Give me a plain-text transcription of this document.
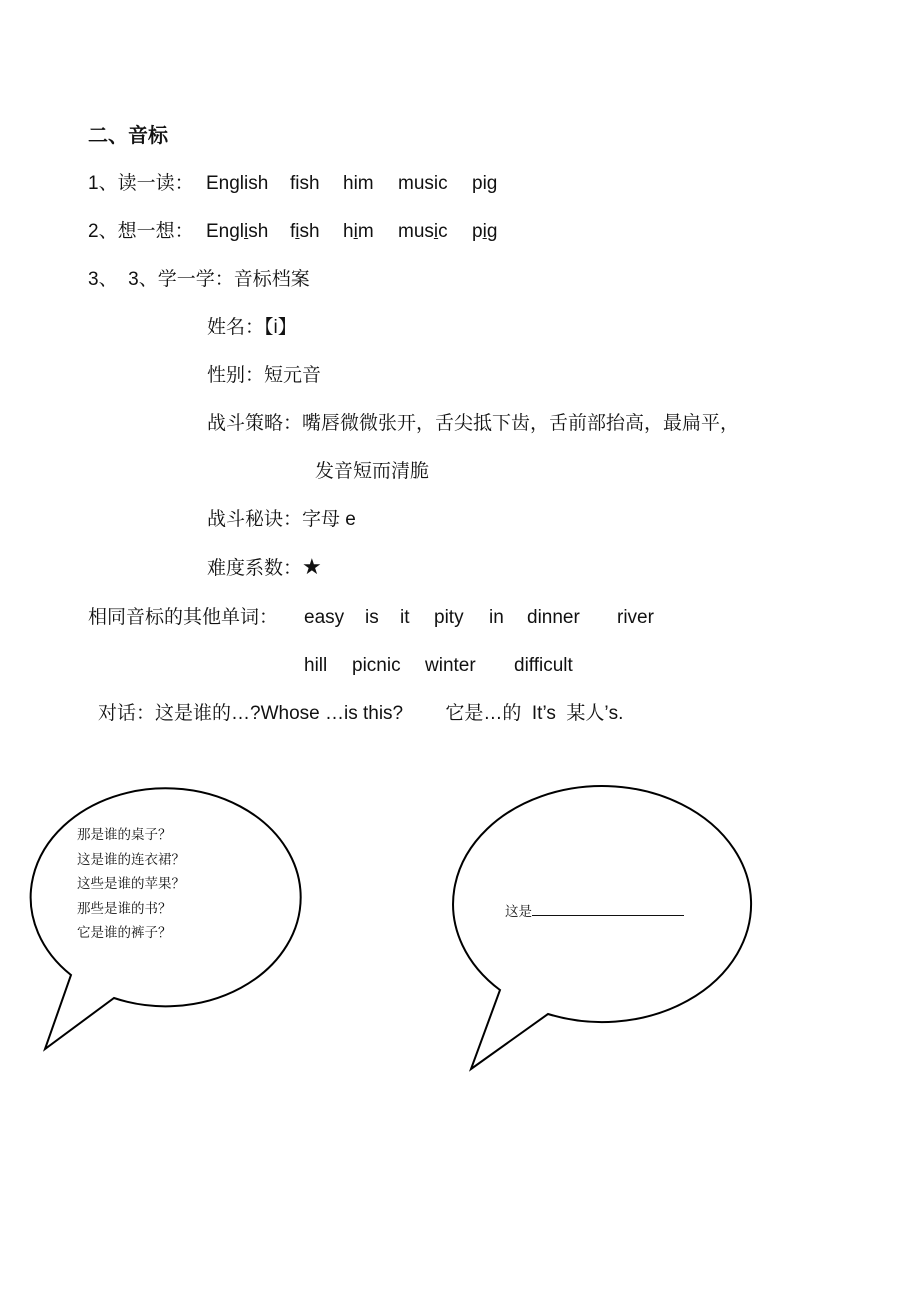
二、音标
1、读一读： English fish him music pig
2、想一想： English fish him music pig
3、  3、学一学：音标档案
姓名：【i】
性别：短元音
战斗策略：嘴唇微微张开，舌尖抵下齿，舌前部抬高，最扁平，
发音短而清脆
战斗秘诀：字母 e
难度系数：★
相同音标的其他单词： easy is it pity in dinner river
hill picnic winter difficult
对话：这是谁的…?Whose …is this?        它是…的  It’s  某人’s.
那是谁的桌子？
这是谁的连衣裙？
这些是谁的苹果？
那些是谁的书？
它是谁的裤子？
这是
